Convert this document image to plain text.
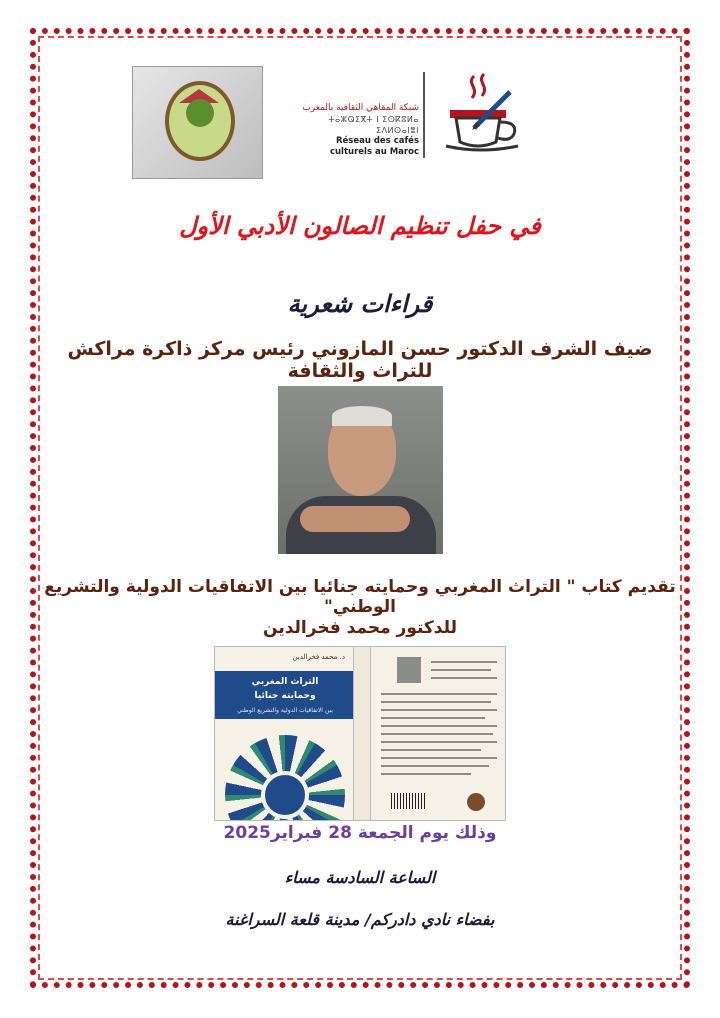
شبكة المقاهي الثقافية بالمغرب
ⵜⴰⵣⵕⵉⴳⵜ ⵏ ⵉⵙⴽⵓⵍⴰ ⵉⴷⵍⵙⴰⵏⴻⵏ
Réseau des cafés culturels au Maroc
في حفل تنظيم الصالون الأدبي الأول
قراءات شعرية
ضيف الشرف الدكتور حسن المازوني رئيس مركز ذاكرة مراكش للتراث والثقافة
تقديم كتاب " التراث المغربي وحمايته جنائيا بين الاتفاقيات الدولية والتشريع الوطني"
للدكتور محمد فخرالدين
د. محمد فخرالدين
التراث المغربي
وحمايته جنائيا
بين الاتفاقيات الدولية والتشريع الوطني
وذلك يوم الجمعة 28 فبراير2025
الساعة السادسة مساء
بفضاء نادي دادركم/ مدينة قلعة السراغنة
